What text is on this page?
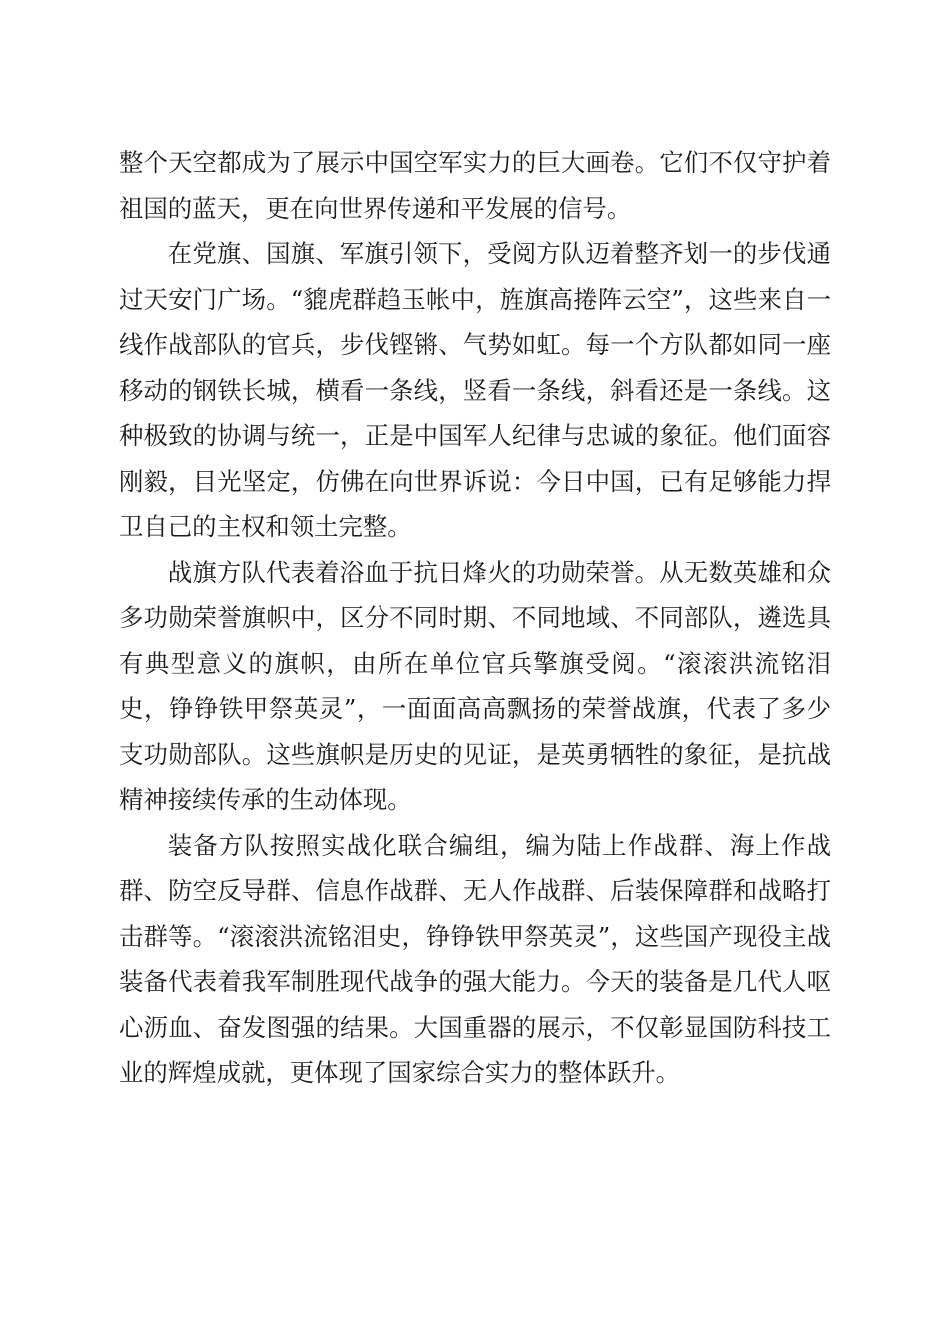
整个天空都成为了展示中国空军实力的巨大画卷。它们不仅守护着祖国的蓝天，更在向世界传递和平发展的信号。

在党旗、国旗、军旗引领下，受阅方队迈着整齐划一的步伐通过天安门广场。“貔虎群趋玉帐中，旌旗高捲阵云空”，这些来自一线作战部队的官兵，步伐铿锵、气势如虹。每一个方队都如同一座移动的钢铁长城，横看一条线，竖看一条线，斜看还是一条线。这种极致的协调与统一，正是中国军人纪律与忠诚的象征。他们面容刚毅，目光坚定，仿佛在向世界诉说：今日中国，已有足够能力捍卫自己的主权和领土完整。

战旗方队代表着浴血于抗日烽火的功勋荣誉。从无数英雄和众多功勋荣誉旗帜中，区分不同时期、不同地域、不同部队，遴选具有典型意义的旗帜，由所在单位官兵擎旗受阅。“滚滚洪流铭泪史，铮铮铁甲祭英灵”，一面面高高飘扬的荣誉战旗，代表了多少支功勋部队。这些旗帜是历史的见证，是英勇牺牲的象征，是抗战精神接续传承的生动体现。

装备方队按照实战化联合编组，编为陆上作战群、海上作战群、防空反导群、信息作战群、无人作战群、后装保障群和战略打击群等。“滚滚洪流铭泪史，铮铮铁甲祭英灵”，这些国产现役主战装备代表着我军制胜现代战争的强大能力。今天的装备是几代人呕心沥血、奋发图强的结果。大国重器的展示，不仅彰显国防科技工业的辉煌成就，更体现了国家综合实力的整体跃升。
